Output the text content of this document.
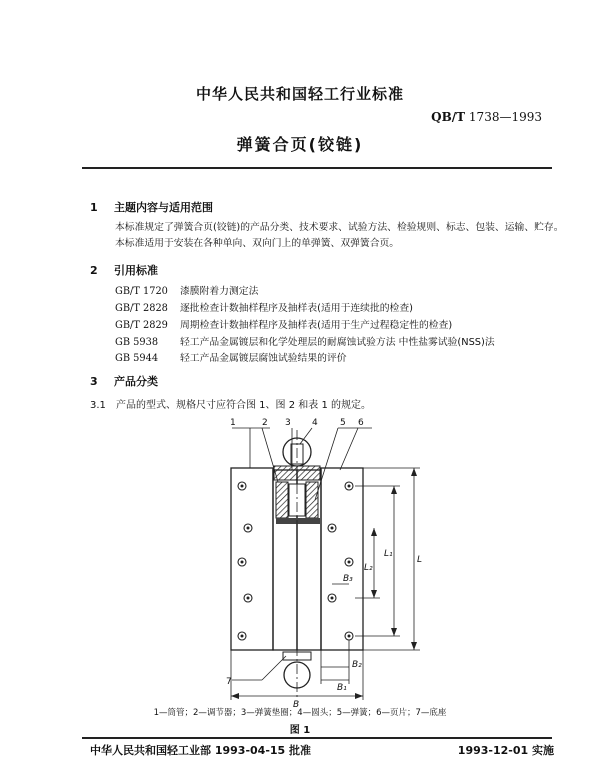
中华人民共和国轻工行业标准
QB/T 1738—1993
弹簧合页(铰链)
1 主题内容与适用范围
本标准规定了弹簧合页(铰链)的产品分类、技术要求、试验方法、检验规则、标志、包装、运输、贮存。
本标准适用于安装在各种单向、双向门上的单弹簧、双弹簧合页。
2 引用标准
GB/T 1720 漆膜附着力测定法
GB/T 2828 逐批检查计数抽样程序及抽样表(适用于连续批的检查)
GB/T 2829 周期检查计数抽样程序及抽样表(适用于生产过程稳定性的检查)
GB 5938 轻工产品金属镀层和化学处理层的耐腐蚀试验方法 中性盐雾试验(NSS)法
GB 5944 轻工产品金属镀层腐蚀试验结果的评价
3 产品分类
3.1 产品的型式、规格尺寸应符合图 1、图 2 和表 1 的规定。
1	2 3 4 5 6
7
L
L₁
L₂
B
B₁
B₂
B₃
1—筒管；2—调节器；3—弹簧垫圈；4—圆头；5—弹簧；6—页片；7—底座
图 1
中华人民共和国轻工业部 1993-04-15 批准	1993-12-01 实施
